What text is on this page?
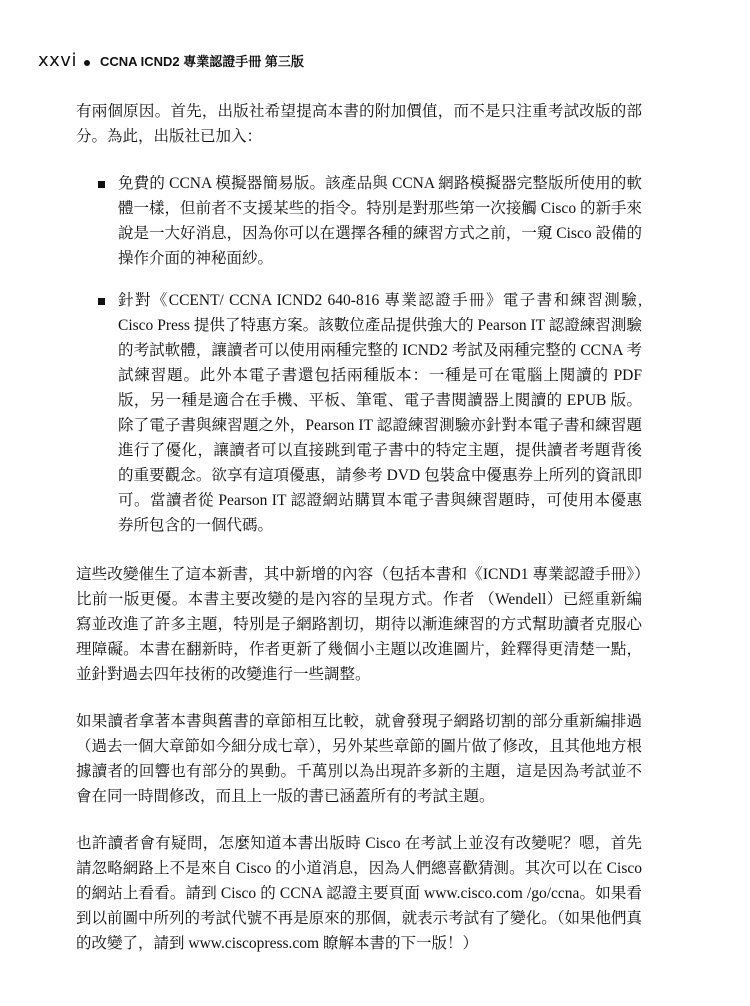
xxvi CCNA ICND2 專業認證手冊 第三版

有兩個原因。首先，出版社希望提高本書的附加價值，而不是只注重考試改版的部分。為此，出版社已加入：

免費的 CCNA 模擬器簡易版。該產品與 CCNA 網路模擬器完整版所使用的軟體一樣，但前者不支援某些的指令。特別是對那些第一次接觸 Cisco 的新手來說是一大好消息，因為你可以在選擇各種的練習方式之前，一窺 Cisco 設備的操作介面的神秘面紗。
針對《CCENT/ CCNA ICND2 640-816 專業認證手冊》電子書和練習測驗, Cisco Press 提供了特惠方案。該數位產品提供強大的 Pearson IT 認證練習測驗的考試軟體，讓讀者可以使用兩種完整的 ICND2 考試及兩種完整的 CCNA 考試練習題。此外本電子書還包括兩種版本：一種是可在電腦上閱讀的 PDF 版，另一種是適合在手機、平板、筆電、電子書閱讀器上閱讀的 EPUB 版。除了電子書與練習題之外，Pearson IT 認證練習測驗亦針對本電子書和練習題進行了優化，讓讀者可以直接跳到電子書中的特定主題，提供讀者考題背後的重要觀念。欲享有這項優惠，請參考 DVD 包裝盒中優惠券上所列的資訊即可。當讀者從 Pearson IT 認證網站購買本電子書與練習題時，可使用本優惠券所包含的一個代碼。

這些改變催生了這本新書，其中新增的內容（包括本書和《ICND1 專業認證手冊》）比前一版更優。本書主要改變的是內容的呈現方式。作者 （Wendell）已經重新編寫並改進了許多主題，特別是子網路割切，期待以漸進練習的方式幫助讀者克服心理障礙。本書在翻新時，作者更新了幾個小主題以改進圖片，銓釋得更清楚一點，並針對過去四年技術的改變進行一些調整。

如果讀者拿著本書與舊書的章節相互比較，就會發現子網路切割的部分重新編排過（過去一個大章節如今細分成七章），另外某些章節的圖片做了修改，且其他地方根據讀者的回響也有部分的異動。千萬別以為出現許多新的主題，這是因為考試並不會在同一時間修改，而且上一版的書已涵蓋所有的考試主題。

也許讀者會有疑問，怎麼知道本書出版時 Cisco 在考試上並沒有改變呢？嗯，首先請忽略網路上不是來自 Cisco 的小道消息，因為人們總喜歡猜測。其次可以在 Cisco 的網站上看看。請到 Cisco 的 CCNA 認證主要頁面 www.cisco.com /go/ccna。如果看到以前圖中所列的考試代號不再是原來的那個，就表示考試有了變化。（如果他們真的改變了，請到 www.ciscopress.com 瞭解本書的下一版！）
